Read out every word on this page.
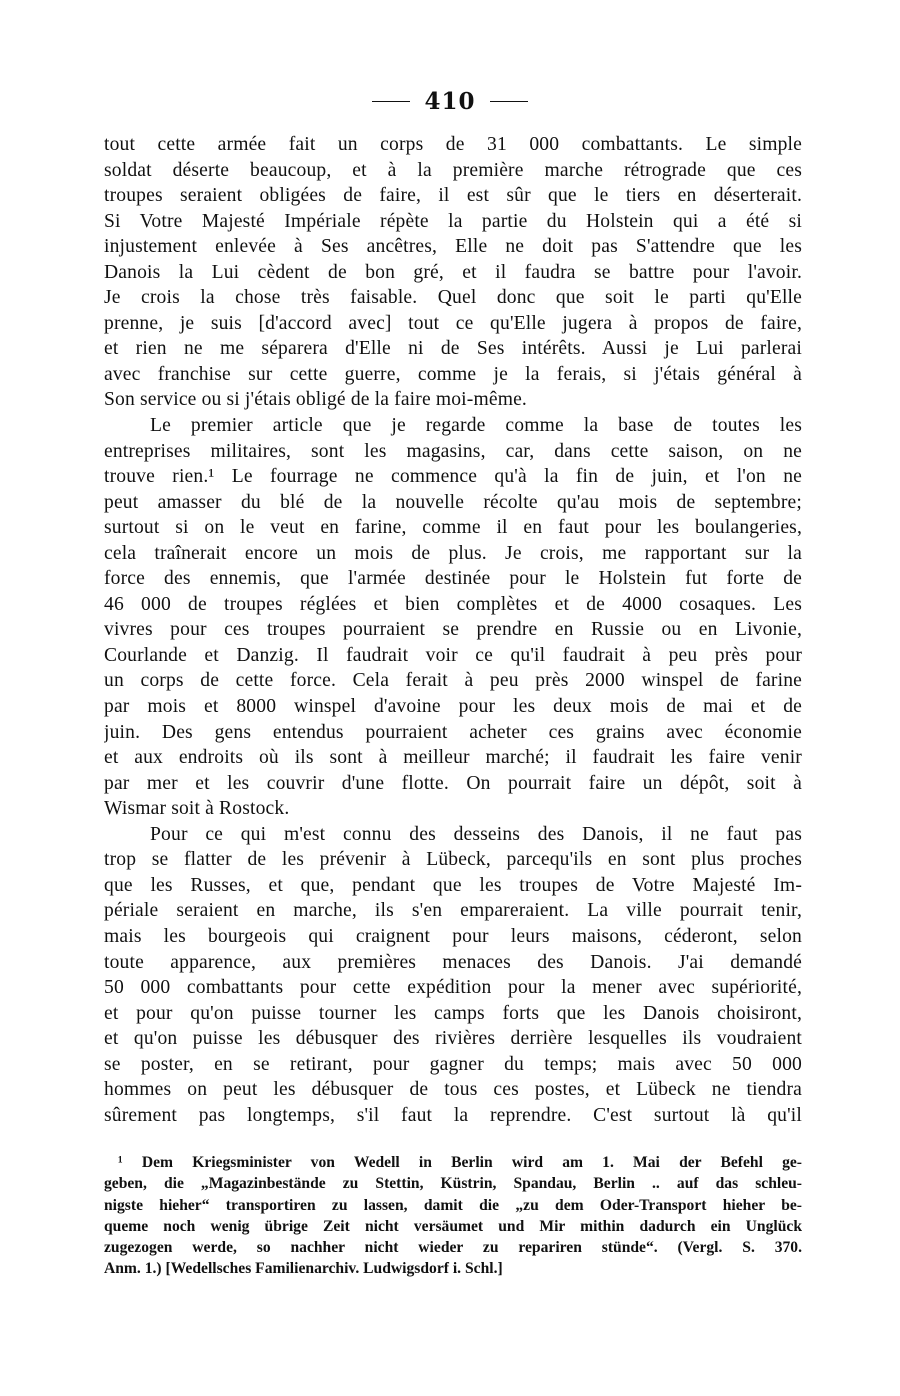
410
tout cette armée fait un corps de 31 000 combattants. Le simple
soldat déserte beaucoup, et à la première marche rétrograde que ces
troupes seraient obligées de faire, il est sûr que le tiers en déserterait.
Si Votre Majesté Impériale répète la partie du Holstein qui a été si
injustement enlevée à Ses ancêtres, Elle ne doit pas S'attendre que les
Danois la Lui cèdent de bon gré, et il faudra se battre pour l'avoir.
Je crois la chose très faisable. Quel donc que soit le parti qu'Elle
prenne, je suis [d'accord avec] tout ce qu'Elle jugera à propos de faire,
et rien ne me séparera d'Elle ni de Ses intérêts. Aussi je Lui parlerai
avec franchise sur cette guerre, comme je la ferais, si j'étais général à
Son service ou si j'étais obligé de la faire moi-même.
Le premier article que je regarde comme la base de toutes les
entreprises militaires, sont les magasins, car, dans cette saison, on ne
trouve rien.¹ Le fourrage ne commence qu'à la fin de juin, et l'on ne
peut amasser du blé de la nouvelle récolte qu'au mois de septembre;
surtout si on le veut en farine, comme il en faut pour les boulangeries,
cela traînerait encore un mois de plus. Je crois, me rapportant sur la
force des ennemis, que l'armée destinée pour le Holstein fut forte de
46 000 de troupes réglées et bien complètes et de 4000 cosaques. Les
vivres pour ces troupes pourraient se prendre en Russie ou en Livonie,
Courlande et Danzig. Il faudrait voir ce qu'il faudrait à peu près pour
un corps de cette force. Cela ferait à peu près 2000 winspel de farine
par mois et 8000 winspel d'avoine pour les deux mois de mai et de
juin. Des gens entendus pourraient acheter ces grains avec économie
et aux endroits où ils sont à meilleur marché; il faudrait les faire venir
par mer et les couvrir d'une flotte. On pourrait faire un dépôt, soit à
Wismar soit à Rostock.
Pour ce qui m'est connu des desseins des Danois, il ne faut pas
trop se flatter de les prévenir à Lübeck, parcequ'ils en sont plus proches
que les Russes, et que, pendant que les troupes de Votre Majesté Im-
périale seraient en marche, ils s'en empareraient. La ville pourrait tenir,
mais les bourgeois qui craignent pour leurs maisons, céderont, selon
toute apparence, aux premières menaces des Danois. J'ai demandé
50 000 combattants pour cette expédition pour la mener avec supériorité,
et pour qu'on puisse tourner les camps forts que les Danois choisiront,
et qu'on puisse les débusquer des rivières derrière lesquelles ils voudraient
se poster, en se retirant, pour gagner du temps; mais avec 50 000
hommes on peut les débusquer de tous ces postes, et Lübeck ne tiendra
sûrement pas longtemps, s'il faut la reprendre. C'est surtout là qu'il
¹ Dem Kriegsminister von Wedell in Berlin wird am 1. Mai der Befehl ge-
geben, die „Magazinbestände zu Stettin, Küstrin, Spandau, Berlin .. auf das schleu-
nigste hieher“ transportiren zu lassen, damit die „zu dem Oder-Transport hieher be-
queme noch wenig übrige Zeit nicht versäumet und Mir mithin dadurch ein Unglück
zugezogen werde, so nachher nicht wieder zu repariren stünde“. (Vergl. S. 370.
Anm. 1.) [Wedellsches Familienarchiv. Ludwigsdorf i. Schl.]
